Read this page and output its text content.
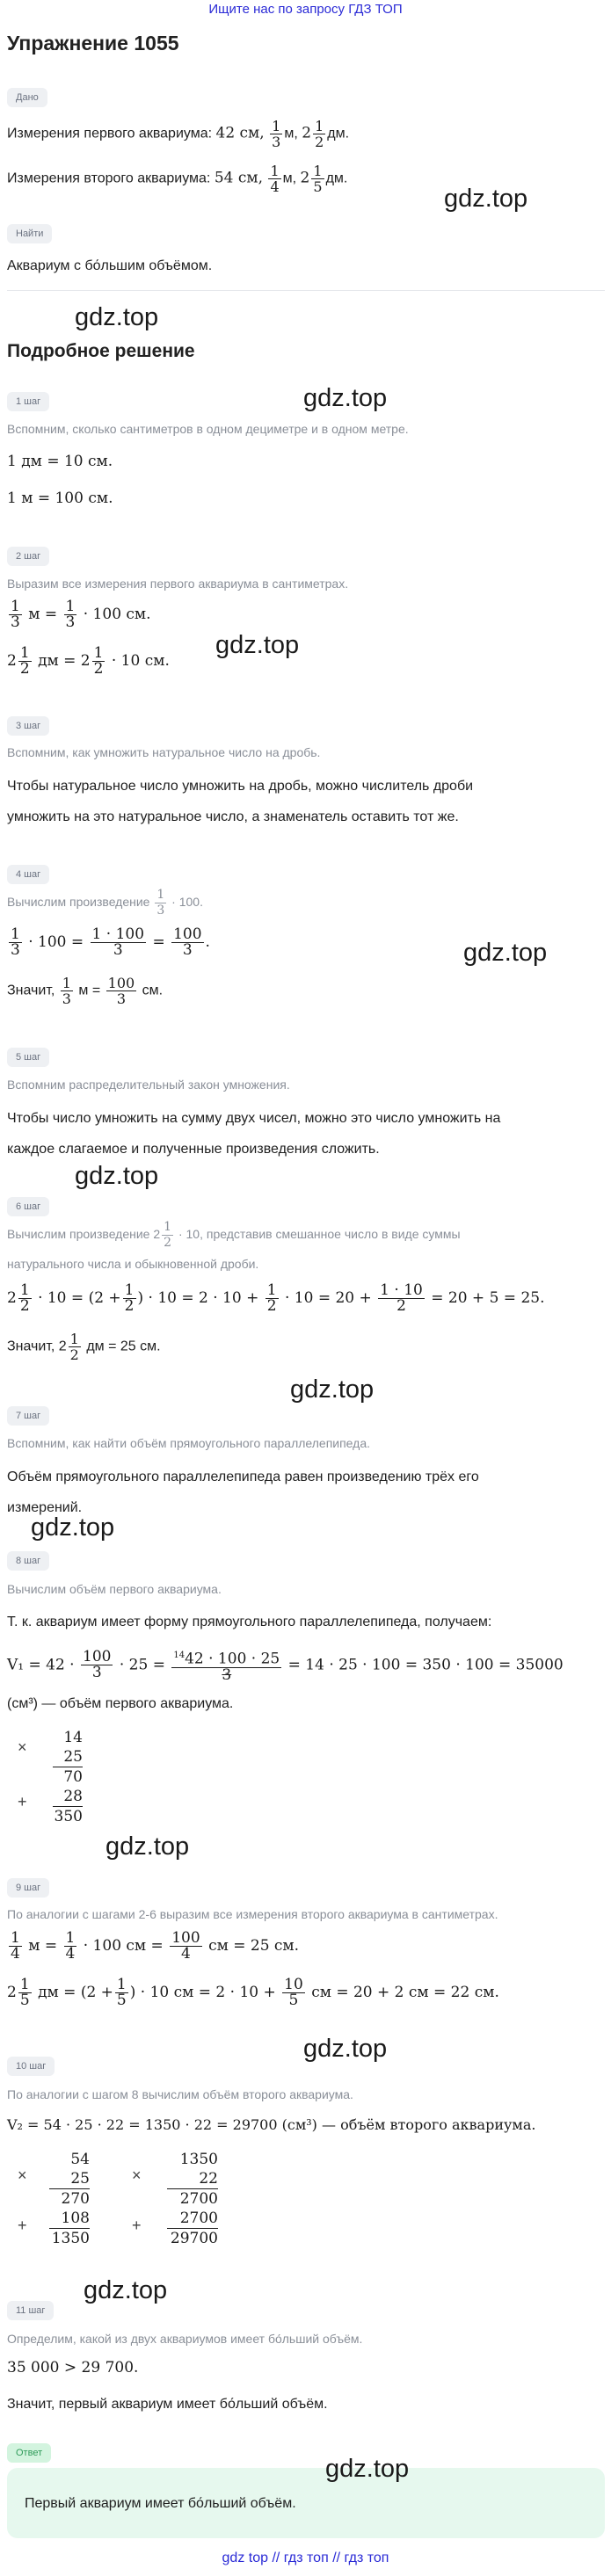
Ищите нас по запросу ГДЗ ТОП
Упражнение 1055
Дано
Измерения первого аквариума: 42 см, $\frac{1}{3} м$, $2 \frac{1}{2}$ дм.
Измерения второго аквариума: 54 см, $\frac{1}{4} м$, $2 \frac{1}{5}$ дм.
gdz.top
Найти
Аквариум с бо́льшим объёмом.
gdz.top
Подробное решение
gdz.top
1 шаг
Вспомним, сколько сантиметров в одном дециметре и в одном метре.
1 дм = 10 см.
1 м = 100 см.
2 шаг
Выразим все измерения первого аквариума в сантиметрах.
$\frac{1}{3}$ $м = \frac{1}{3} \cdot 100$ см.
gdz.top
$2 \frac{1}{2}$ дм = $2 \frac{1}{2} \cdot 10$ см.
3 шаг
Вспомним, как умножить натуральное число на дробь.
Чтобы натуральное число умножить на дробь, можно числитель дроби
умножить на это натуральное число, а знаменатель оставить тот же.
4 шаг
Вычислим произведение $\frac{1}{3} \cdot 100$.
$\frac{1}{3} \cdot 100 = \frac{1 \cdot 100}{3} = \frac{100}{3}$ .	gdz.top
Значит, $\frac{1}{3}$ $м = \frac{100}{3}$ см.
5 шаг
Вспомним распределительный закон умножения.
Чтобы число умножить на сумму двух чисел, можно это число умножить на
каждое слагаемое и полученные произведения сложить.
gdz.top
6 шаг
Вычислим произведение $2 \frac{1}{2} \cdot 10$, представив смешанное число в виде суммы
натурального числа и обыкновенной дроби.
$2 \frac{1}{2} \cdot 10 = (2 + \frac{1}{2}$ ) · $10 = 2 \cdot 10 + \frac{1}{2} \cdot 10 = 20 + \frac{1 \cdot 10}{2} = 20 + 5 = 25$.
Значит, $2 \frac{1}{2}$ дм = 25 см.
gdz.top
7 шаг
Вспомним, как найти объём прямоугольного параллелепипеда.
Объём прямоугольного параллелепипеда равен произведению трёх его
измерений.
gdz.top
8 шаг
Вычислим объём первого аквариума.
Т. к. аквариум имеет форму прямоугольного параллелепипеда, получаем:
$V_1 = 42 \cdot \frac{100}{3} \cdot 25 = \frac{^{14}42 \cdot 100 \cdot 25}{3} = 14 \cdot 25 \cdot 100 = 350 \cdot 100 = 35000$
(см³) — объём первого аквариума.
×
+
14
25
70
28
350
gdz.top
9 шаг
По аналогии с шагами 2-6 выразим все измерения второго аквариума в сантиметрах.
$\frac{1}{4}$ $м = \frac{1}{4} \cdot 100$ см = $\frac{100}{4}$ см = 25 см.
$2 \frac{1}{5}$ дм = ($2 + \frac{1}{5}$ ) · 10 см = $2 \cdot 10 + \frac{10}{5}$ см = 20 + 2 см = 22 см.
gdz.top
10 шаг
По аналогии с шагом 8 вычислим объём второго аквариума.
V₂ = 54 · 25 · 22 = 1350 · 22 = 29700 (см³) — объём второго аквариума.
×
+
54
25
270
108
1350
×
+
1350
22
2700
2700
29700
gdz.top
11 шаг
Определим, какой из двух аквариумов имеет бо́льший объём.
35 000 > 29 700.
Значит, первый аквариум имеет бо́льший объём.
Ответ
gdz.top
Первый аквариум имеет бо́льший объём.
gdz top // гдз топ // гдз топ
